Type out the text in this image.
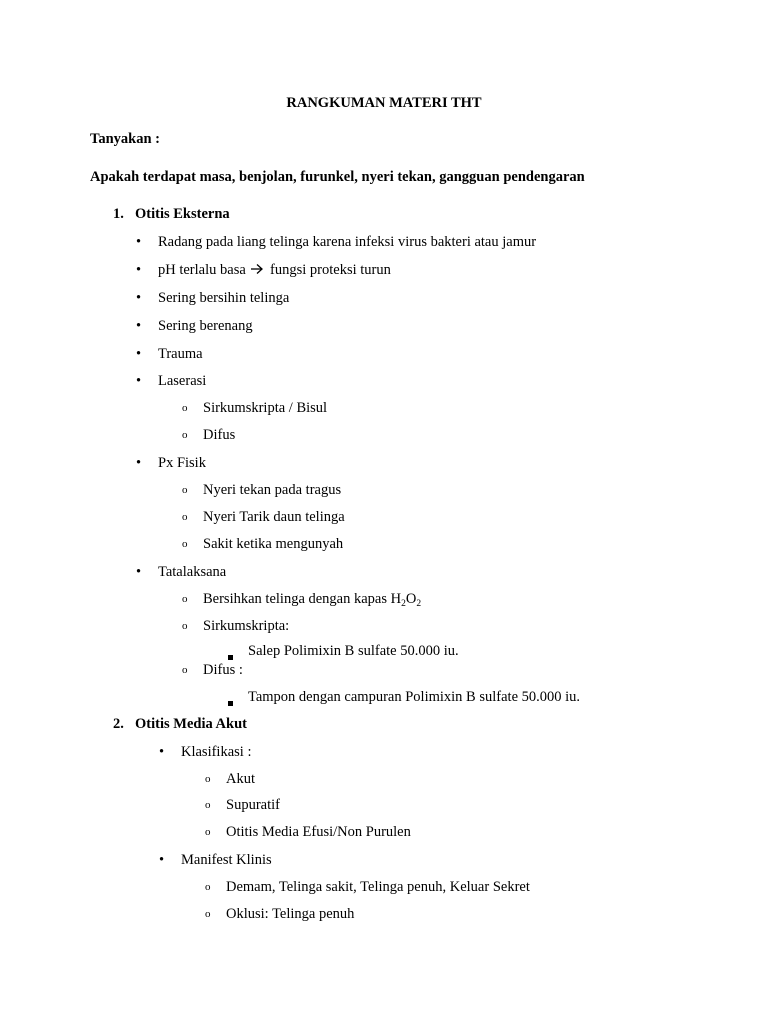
RANGKUMAN MATERI THT
Tanyakan :
Apakah terdapat masa, benjolan, furunkel, nyeri tekan, gangguan pendengaran
1. Otitis Eksterna
• Radang pada liang telinga karena infeksi virus bakteri atau jamur
• pH terlalu basa fungsi proteksi turun
• Sering bersihin telinga
• Sering berenang
• Trauma
• Laserasi
o Sirkumskripta / Bisul
o Difus
• Px Fisik
o Nyeri tekan pada tragus
o Nyeri Tarik daun telinga
o Sakit ketika mengunyah
• Tatalaksana
o Bersihkan telinga dengan kapas $H_2O_2$
o Sirkumskripta:
Salep Polimixin B sulfate 50.000 iu.
o Difus :
Tampon dengan campuran Polimixin B sulfate 50.000 iu.
2. Otitis Media Akut
• Klasifikasi :
o Akut
o Supuratif
o Otitis Media Efusi/Non Purulen
• Manifest Klinis
o Demam, Telinga sakit, Telinga penuh, Keluar Sekret
o Oklusi: Telinga penuh
